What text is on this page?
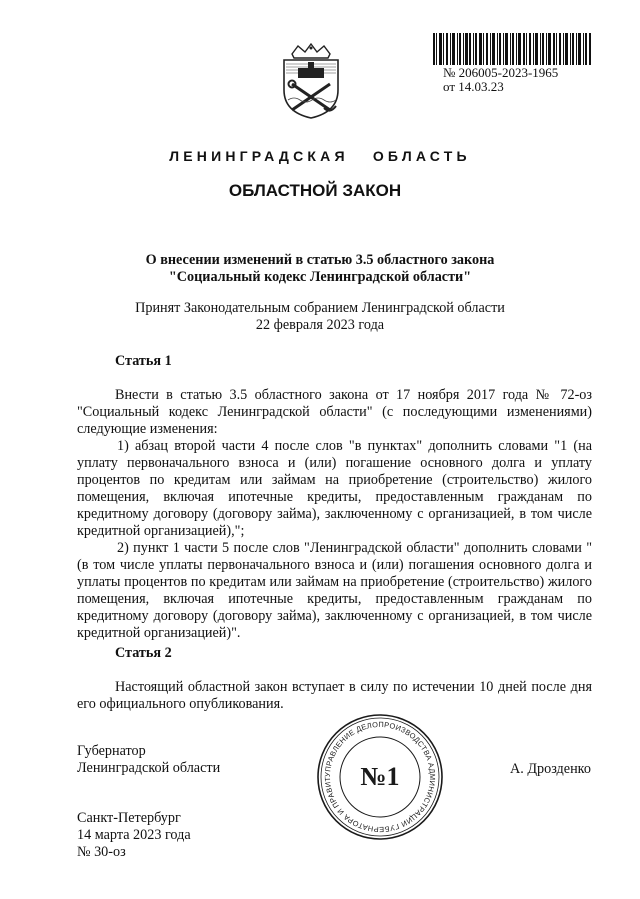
№ 206005-2023-1965
от 14.03.23
ЛЕНИНГРАДСКАЯ ОБЛАСТЬ
ОБЛАСТНОЙ ЗАКОН
О внесении изменений в статью 3.5 областного закона
"Социальный кодекс Ленинградской области"
Принят Законодательным собранием Ленинградской области
22 февраля 2023 года

Статья 1

Внести в статью 3.5 областного закона от 17 ноября 2017 года № 72-оз "Социальный кодекс Ленинградской области" (с последующими изменениями) следующие изменения:

1) абзац второй части 4 после слов "в пунктах" дополнить словами "1 (на уплату первоначального взноса и (или) погашение основного долга и уплату процентов по кредитам или займам на приобретение (строительство) жилого помещения, включая ипотечные кредиты, предоставленным гражданам по кредитному договору (договору займа), заключенному с организацией, в том числе кредитной организацией),";

2) пункт 1 части 5 после слов "Ленинградской области" дополнить словами "(в том числе уплаты первоначального взноса и (или) погашения основного долга и уплаты процентов по кредитам или займам на приобретение (строительство) жилого помещения, включая ипотечные кредиты, предоставленным гражданам по кредитному договору (договору займа), заключенному с организацией, в том числе кредитной организацией)".

Статья 2

Настоящий областной закон вступает в силу по истечении 10 дней после дня его официального опубликования.

Губернатор
Ленинградской области	А. Дрозденко
Санкт-Петербург
14 марта 2023 года
№ 30-оз
УПРАВЛЕНИЕ ДЕЛОПРОИЗВОДСТВА АДМИНИСТРАЦИИ ГУБЕРНАТОРА И ПРАВИТ	№1
